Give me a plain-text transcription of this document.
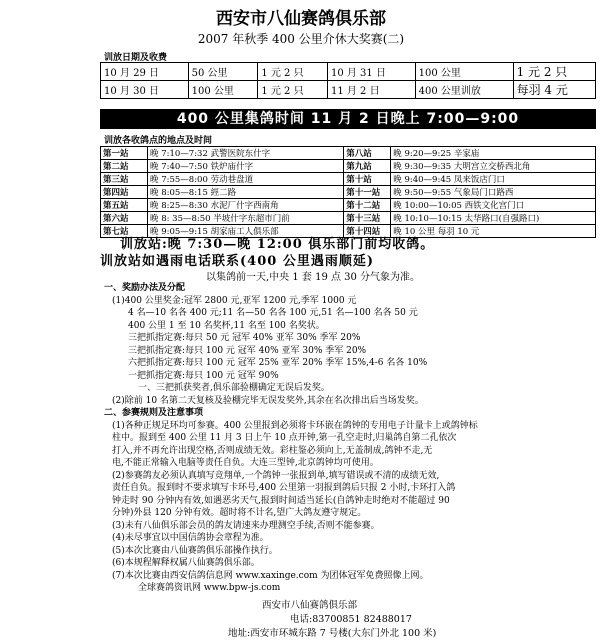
西安市八仙赛鸽俱乐部
2007 年秋季 400 公里介休大奖赛(二)
训放日期及收费
10 月 29 日	50 公里	1 元 2 只	10 月 31 日	100 公里	1 元 2 只
10 月 30 日	100 公里	1 元 2 只	11 月 2 日	400 公里训放	每羽 4 元
400 公里集鸽时间 11 月 2 日晚上 7:00—9:00
训放各收鸽点的地点及时间
第一站	晚 7:10—7:32 武警医院东什字	第八站	晚 9:20—9:25 辛家庙
第二站	晚 7:40—7:50 铁炉庙什字	第九站	晚 9:30—9:35 大明宫立交桥西北角
第三站	晚 7:55—8:00 劳动巷盘道	第十站	晚 9:40—9:45 凤来饭店门口
第四站	晚 8:05—8:15 經二路	第十一站	晚 9:50—9:55 气象局门口路西
第五站	晚 8:25—8:30 水泥厂什字西南角	第十二站	晚 10:00—10:05 西铁文化宫门口
第六站	晚 8: 35—8:50 半坡什字东超市门前	第十三站	晚 10:10—10:15 太华路口(自强路口)
第七站	晚 9:05—9:15 胡家庙工人俱乐部	第十四站	晚 10 公里 每羽 10 元
训放站:晚 7:30—晚 12:00 俱乐部门前均收鸽。
训放站如遇雨电话联系(400 公里遇雨顺延)
以集鸽前一天,中央 1 套 19 点 30 分气象为准。

一、奖励办法及分配

(1)400 公里奖金:冠军 2800 元,亚军 1200 元,季军 1000 元

4 名—10 名各 400 元;11 名—50 名各 100 元,51 名—100 名各 50 元

400 公里 1 至 10 名奖杯,11 名至 100 名奖状。

三把抓指定赛:每只 50 元 冠军 40% 亚军 30% 季军 20%

三把抓指定赛:每只 100 元 冠军 40% 亚军 30% 季军 20%

六把抓指定赛:每只 100 元 冠军 25% 亚军 20% 季军 15%,4-6 名各 10%

一把抓指定赛:每只 100 元 冠军 90%

一、三把抓获奖者,俱乐部验棚确定无误后发奖。

(2)除前 10 名第二天复核及验棚完毕无误发奖外,其余在名次排出后当场发奖。

二、参赛规则及注意事项

(1)各种正规足环均可参赛。400 公里报到必须将卡环嵌在鸽钟的专用电子计量卡上或鸽钟标

柱中。报到至 400 公里 11 月 3 日上午 10 点开钟,第一孔空走时,归巢鸽自第二孔依次

打入,并不再允许出现空格,否则成绩无效。彩柱鉴必须向上,无盖制成,鸽钟不走,无

电,不能正常输入电脑等责任自负。大连三型钟,北京鸽钟均可使用。

(2)参赛鸽友必须认真填写竞翔单,一个鸽钟一张报到单,填写错误或不清的成绩无效,

责任自负。报到时不要求填写卡环号,400 公里第一羽报到鸽后只报 2 小时,卡环打入鸽

钟走时 90 分钟内有效,如遇恶劣天气,报到时间适当延长(自鸽钟走时绝对不能超过 90

分钟)外县 120 分钟有效。超时将不计名,望广大鸽友遵守规定。

(3)未有八仙俱乐部会员的鸽友请速来办理测空手续,否则不能参赛。

(4)未尽事宜以中国信鸽协会章程为准。

(5)本次比赛由八仙赛鸽俱乐部操作执行。

(6)本规程解释权属八仙赛鸽俱乐部。

(7)本次比赛由西安信鸽信息网 www.xaxinge.com 为团体冠军免费照像上网。

全球赛鸽资讯网 www.bpw-js.com

西安市八仙赛鸽俱乐部
电话:83700851 82488017
地址:西安市环城东路 7 号楼(大东门外北 100 米)
